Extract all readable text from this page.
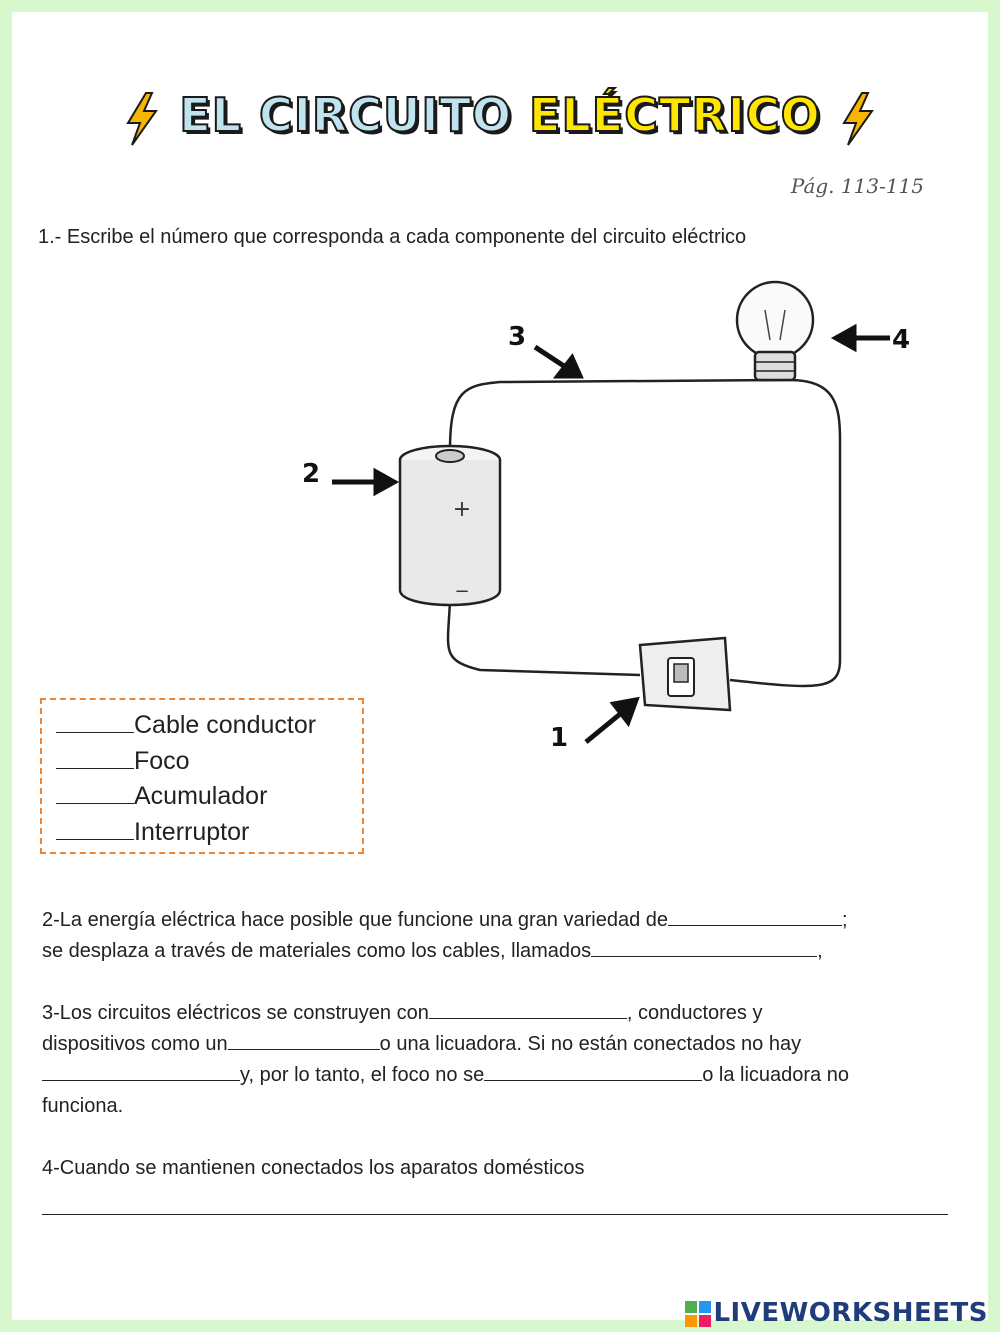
EL CIRCUITO ELÉCTRICO
Pág. 113-115
1.- Escribe el número que corresponda a cada componente del circuito eléctrico
+
−
3
2
4
1
Cable conductor
Foco
Acumulador
Interruptor
2-La energía eléctrica hace posible que funcione una gran variedad de	;
se desplaza a través de materiales como los cables, llamados	,
3-Los circuitos eléctricos se construyen con	, conductores y
dispositivos como un	o una licuadora. Si no están conectados no hay
y, por lo tanto, el foco no se	o la licuadora no
funciona.
4-Cuando se mantienen conectados los aparatos domésticos
LIVEWORKSHEETS
